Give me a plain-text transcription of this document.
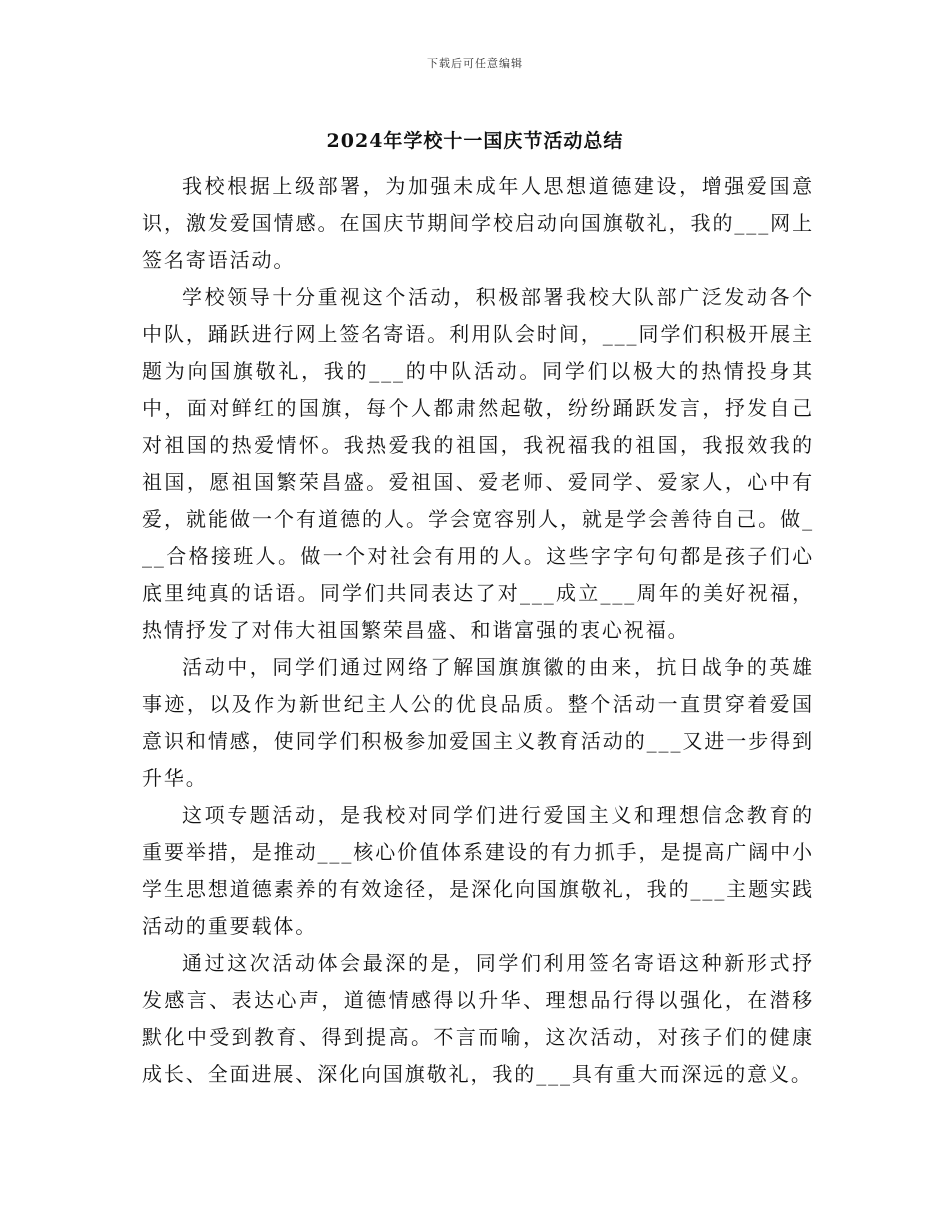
下载后可任意编辑
2024年学校十一国庆节活动总结

我校根据上级部署，为加强未成年人思想道德建设，增强爱国意识，激发爱国情感。在国庆节期间学校启动向国旗敬礼，我的___网上签名寄语活动。

学校领导十分重视这个活动，积极部署我校大队部广泛发动各个中队，踊跃进行网上签名寄语。利用队会时间，___同学们积极开展主题为向国旗敬礼，我的___的中队活动。同学们以极大的热情投身其中，面对鲜红的国旗，每个人都肃然起敬，纷纷踊跃发言，抒发自己对祖国的热爱情怀。我热爱我的祖国，我祝福我的祖国，我报效我的祖国，愿祖国繁荣昌盛。爱祖国、爱老师、爱同学、爱家人，心中有爱，就能做一个有道德的人。学会宽容别人，就是学会善待自己。做___合格接班人。做一个对社会有用的人。这些字字句句都是孩子们心底里纯真的话语。同学们共同表达了对___成立___周年的美好祝福，热情抒发了对伟大祖国繁荣昌盛、和谐富强的衷心祝福。

活动中，同学们通过网络了解国旗旗徽的由来，抗日战争的英雄事迹，以及作为新世纪主人公的优良品质。整个活动一直贯穿着爱国意识和情感，使同学们积极参加爱国主义教育活动的___又进一步得到升华。

这项专题活动，是我校对同学们进行爱国主义和理想信念教育的重要举措，是推动___核心价值体系建设的有力抓手，是提高广阔中小学生思想道德素养的有效途径，是深化向国旗敬礼，我的___主题实践活动的重要载体。

通过这次活动体会最深的是，同学们利用签名寄语这种新形式抒发感言、表达心声，道德情感得以升华、理想品行得以强化，在潜移默化中受到教育、得到提高。不言而喻，这次活动，对孩子们的健康成长、全面进展、深化向国旗敬礼，我的___具有重大而深远的意义。
